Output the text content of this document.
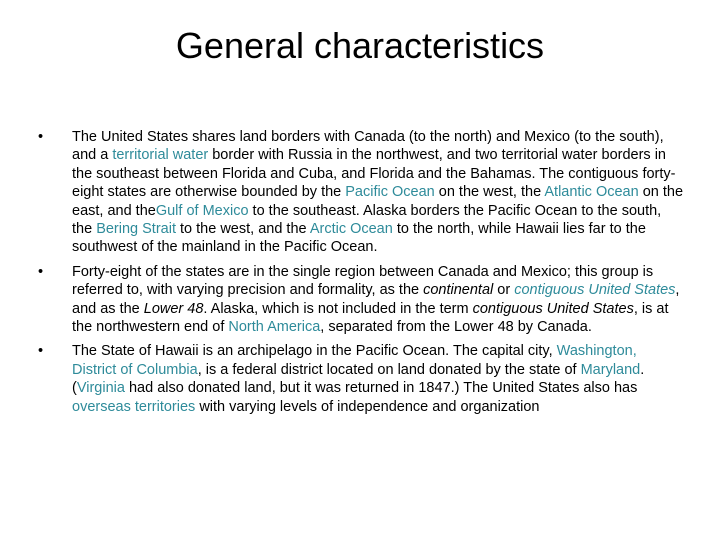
General characteristics
•	The United States shares land borders with Canada (to the north) and Mexico (to the south), and a territorial water border with Russia in the northwest, and two territorial water borders in the southeast between Florida and Cuba, and Florida and the Bahamas. The contiguous forty-eight states are otherwise bounded by the Pacific Ocean on the west, the Atlantic Ocean on the east, and theGulf of Mexico to the southeast. Alaska borders the Pacific Ocean to the south, the Bering Strait to the west, and the Arctic Ocean to the north, while Hawaii lies far to the southwest of the mainland in the Pacific Ocean.
•	Forty-eight of the states are in the single region between Canada and Mexico; this group is referred to, with varying precision and formality, as the continental or contiguous United States, and as the Lower 48. Alaska, which is not included in the term contiguous United States, is at the northwestern end of North America, separated from the Lower 48 by Canada.
•	The State of Hawaii is an archipelago in the Pacific Ocean. The capital city, Washington, District of Columbia, is a federal district located on land donated by the state of Maryland. (Virginia had also donated land, but it was returned in 1847.) The United States also has overseas territories with varying levels of independence and organization
